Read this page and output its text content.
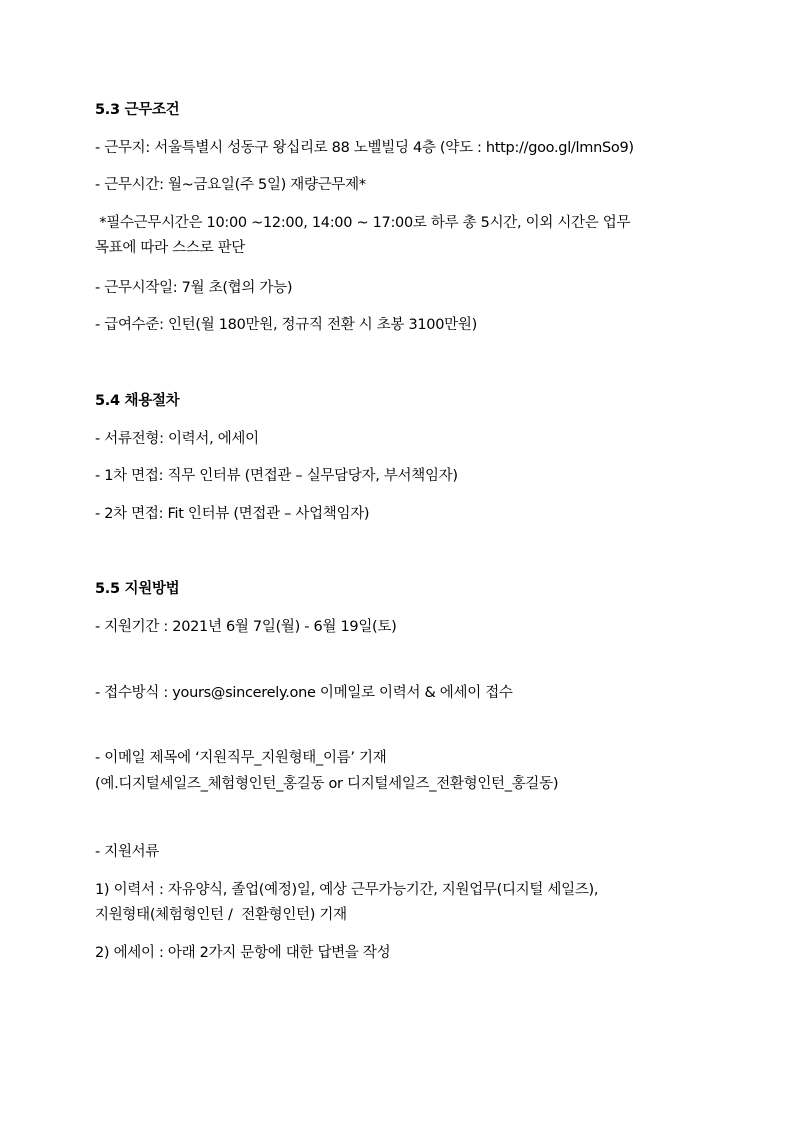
5.3 근무조건
- 근무지: 서울특별시 성동구 왕십리로 88 노벨빌딩 4층 (약도 : http://goo.gl/lmnSo9)
- 근무시간: 월~금요일(주 5일) 재량근무제*
*필수근무시간은 10:00 ~12:00, 14:00 ~ 17:00로 하루 총 5시간, 이외 시간은 업무
목표에 따라 스스로 판단
- 근무시작일: 7월 초(협의 가능)
- 급여수준: 인턴(월 180만원, 정규직 전환 시 초봉 3100만원)
5.4 채용절차
- 서류전형: 이력서, 에세이
- 1차 면접: 직무 인터뷰 (면접관 – 실무담당자, 부서책임자)
- 2차 면접: Fit 인터뷰 (면접관 – 사업책임자)
5.5 지원방법
- 지원기간 : 2021년 6월 7일(월) - 6월 19일(토)
- 접수방식 : yours@sincerely.one 이메일로 이력서 & 에세이 접수
- 이메일 제목에 ‘지원직무_지원형태_이름’ 기재
(예.디지털세일즈_체험형인턴_홍길동 or 디지털세일즈_전환형인턴_홍길동)
- 지원서류
1) 이력서 : 자유양식, 졸업(예정)일, 예상 근무가능기간, 지원업무(디지털 세일즈),
지원형태(체험형인턴 /  전환형인턴) 기재
2) 에세이 : 아래 2가지 문항에 대한 답변을 작성
